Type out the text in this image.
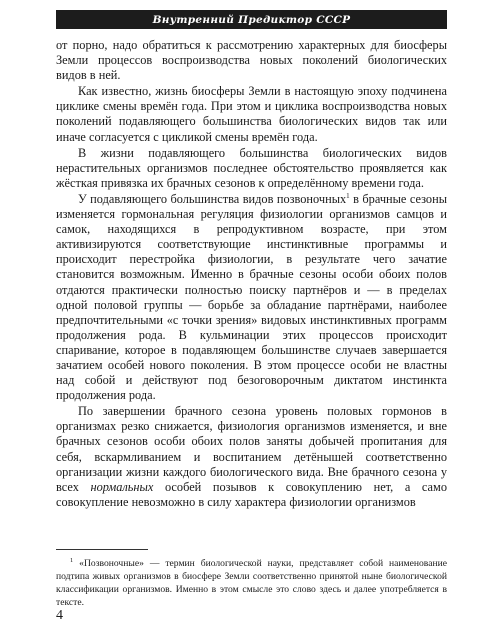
Внутренний Предиктор СССР

от порно, надо обратиться к рассмотрению характерных для биосферы Земли процессов воспроизводства новых поколений биологических видов в ней.

Как известно, жизнь биосферы Земли в настоящую эпоху подчинена циклике смены времён года. При этом и циклика воспроизводства новых поколений подавляющего большинства биологических видов так или иначе согласуется с цикликой смены времён года.

В жизни подавляющего большинства биологических видов нерастительных организмов последнее обстоятельство проявляется как жёсткая привязка их брачных сезонов к определённому времени года.

У подавляющего большинства видов позвоночных$^1$ в брачные сезоны изменяется гормональная регуляция физиологии организмов самцов и самок, находящихся в репродуктивном возрасте, при этом активизируются соответствующие инстинктивные программы и происходит перестройка физиологии, в результате чего зачатие становится возможным. Именно в брачные сезоны особи обоих полов отдаются практически полностью поиску партнёров и — в пределах одной половой группы — борьбе за обладание партнёрами, наиболее предпочтительными «с точки зрения» видовых инстинктивных программ продолжения рода. В кульминации этих процессов происходит спаривание, которое в подавляющем большинстве случаев завершается зачатием особей нового поколения. В этом процессе особи не властны над собой и действуют под безоговорочным диктатом инстинкта продолжения рода.

По завершении брачного сезона уровень половых гормонов в организмах резко снижается, физиология организмов изменяется, и вне брачных сезонов особи обоих полов заняты добычей пропитания для себя, вскармливанием и воспитанием детёнышей соответственно организации жизни каждого биологического вида. Вне брачного сезона у всех нормальных особей позывов к совокуплению нет, а само совокупление невозможно в силу характера физиологии организмов

$^1$ «Позвоночные» — термин биологической науки, представляет собой наименование подтипа живых организмов в биосфере Земли соответственно принятой ныне биологической классификации организмов. Именно в этом смысле это слово здесь и далее употребляется в тексте.
4
